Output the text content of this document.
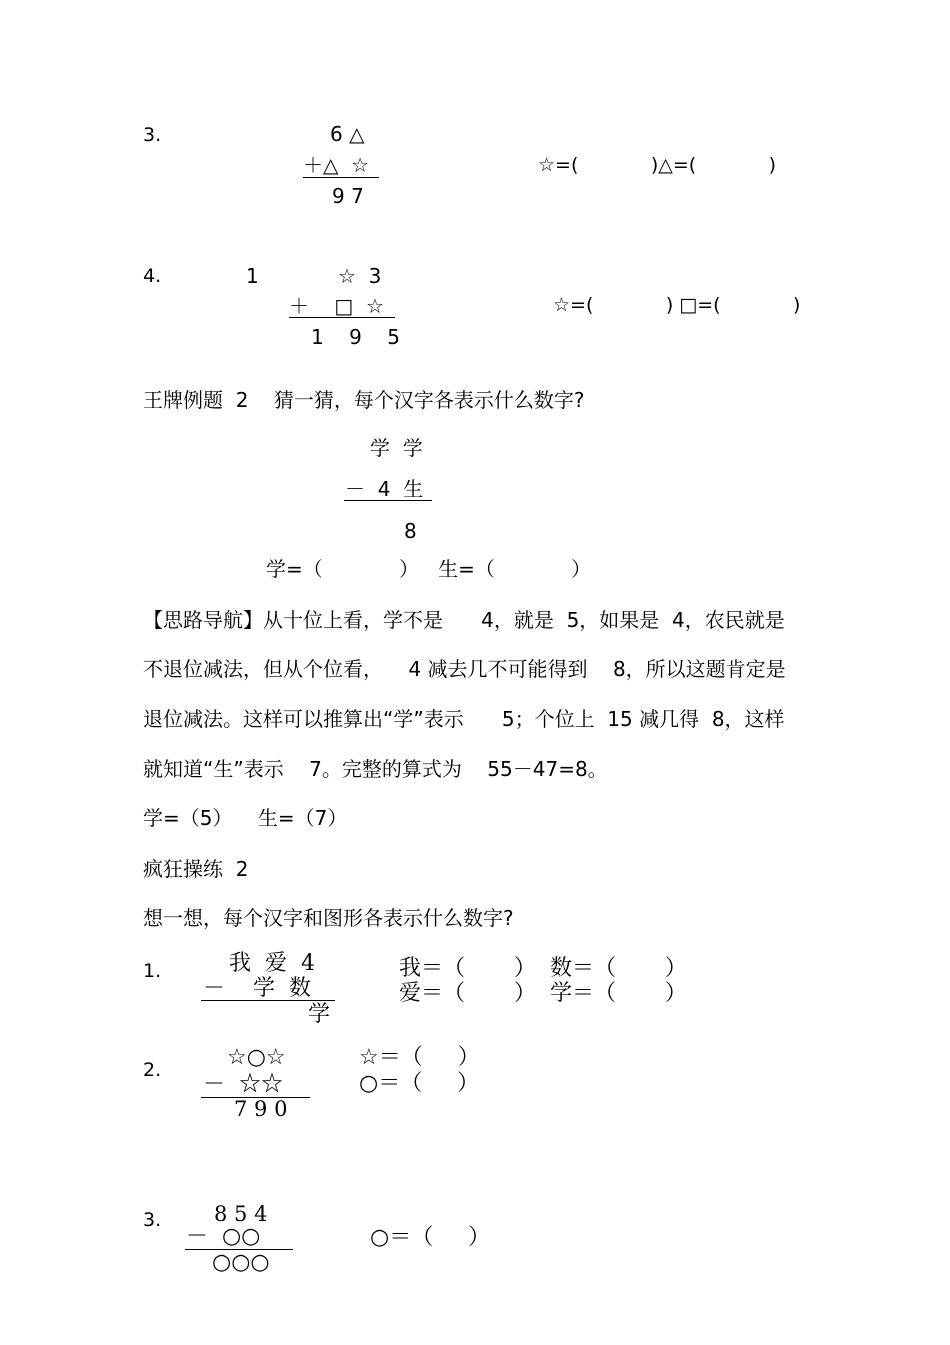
3.	6 △
＋△  ☆
9 7
☆=(            )△=(            )
4.	1	☆  3
＋    □  ☆
1    9    5
☆=(            ) □=(            )
王牌例题  2    猜一猜，每个汉字各表示什么数字?
学  学
－  4  生
8
学=（            ）   生=（            ）
【思路导航】从十位上看，学不是      4，就是  5，如果是  4，农民就是
不退位减法，但从个位看，    4 减去几不可能得到    8，所以这题肯定是
退位减法。这样可以推算出“学”表示      5；个位上  15 减几得  8，这样
就知道“生”表示    7。完整的算式为    55－47=8。
学=（5）    生=（7）
疯狂操练  2
想一想，每个汉字和图形各表示什么数字?
1.	我  爱  4
－    学  数
学
我＝（       ）  数＝（       ）
爱＝（       ）  学＝（       ）
2.	☆○☆
－  ☆☆
7 9 0
☆＝（     ）
○＝（     ）
3.	8 5 4
－  ○○
○○○
○＝（     ）
